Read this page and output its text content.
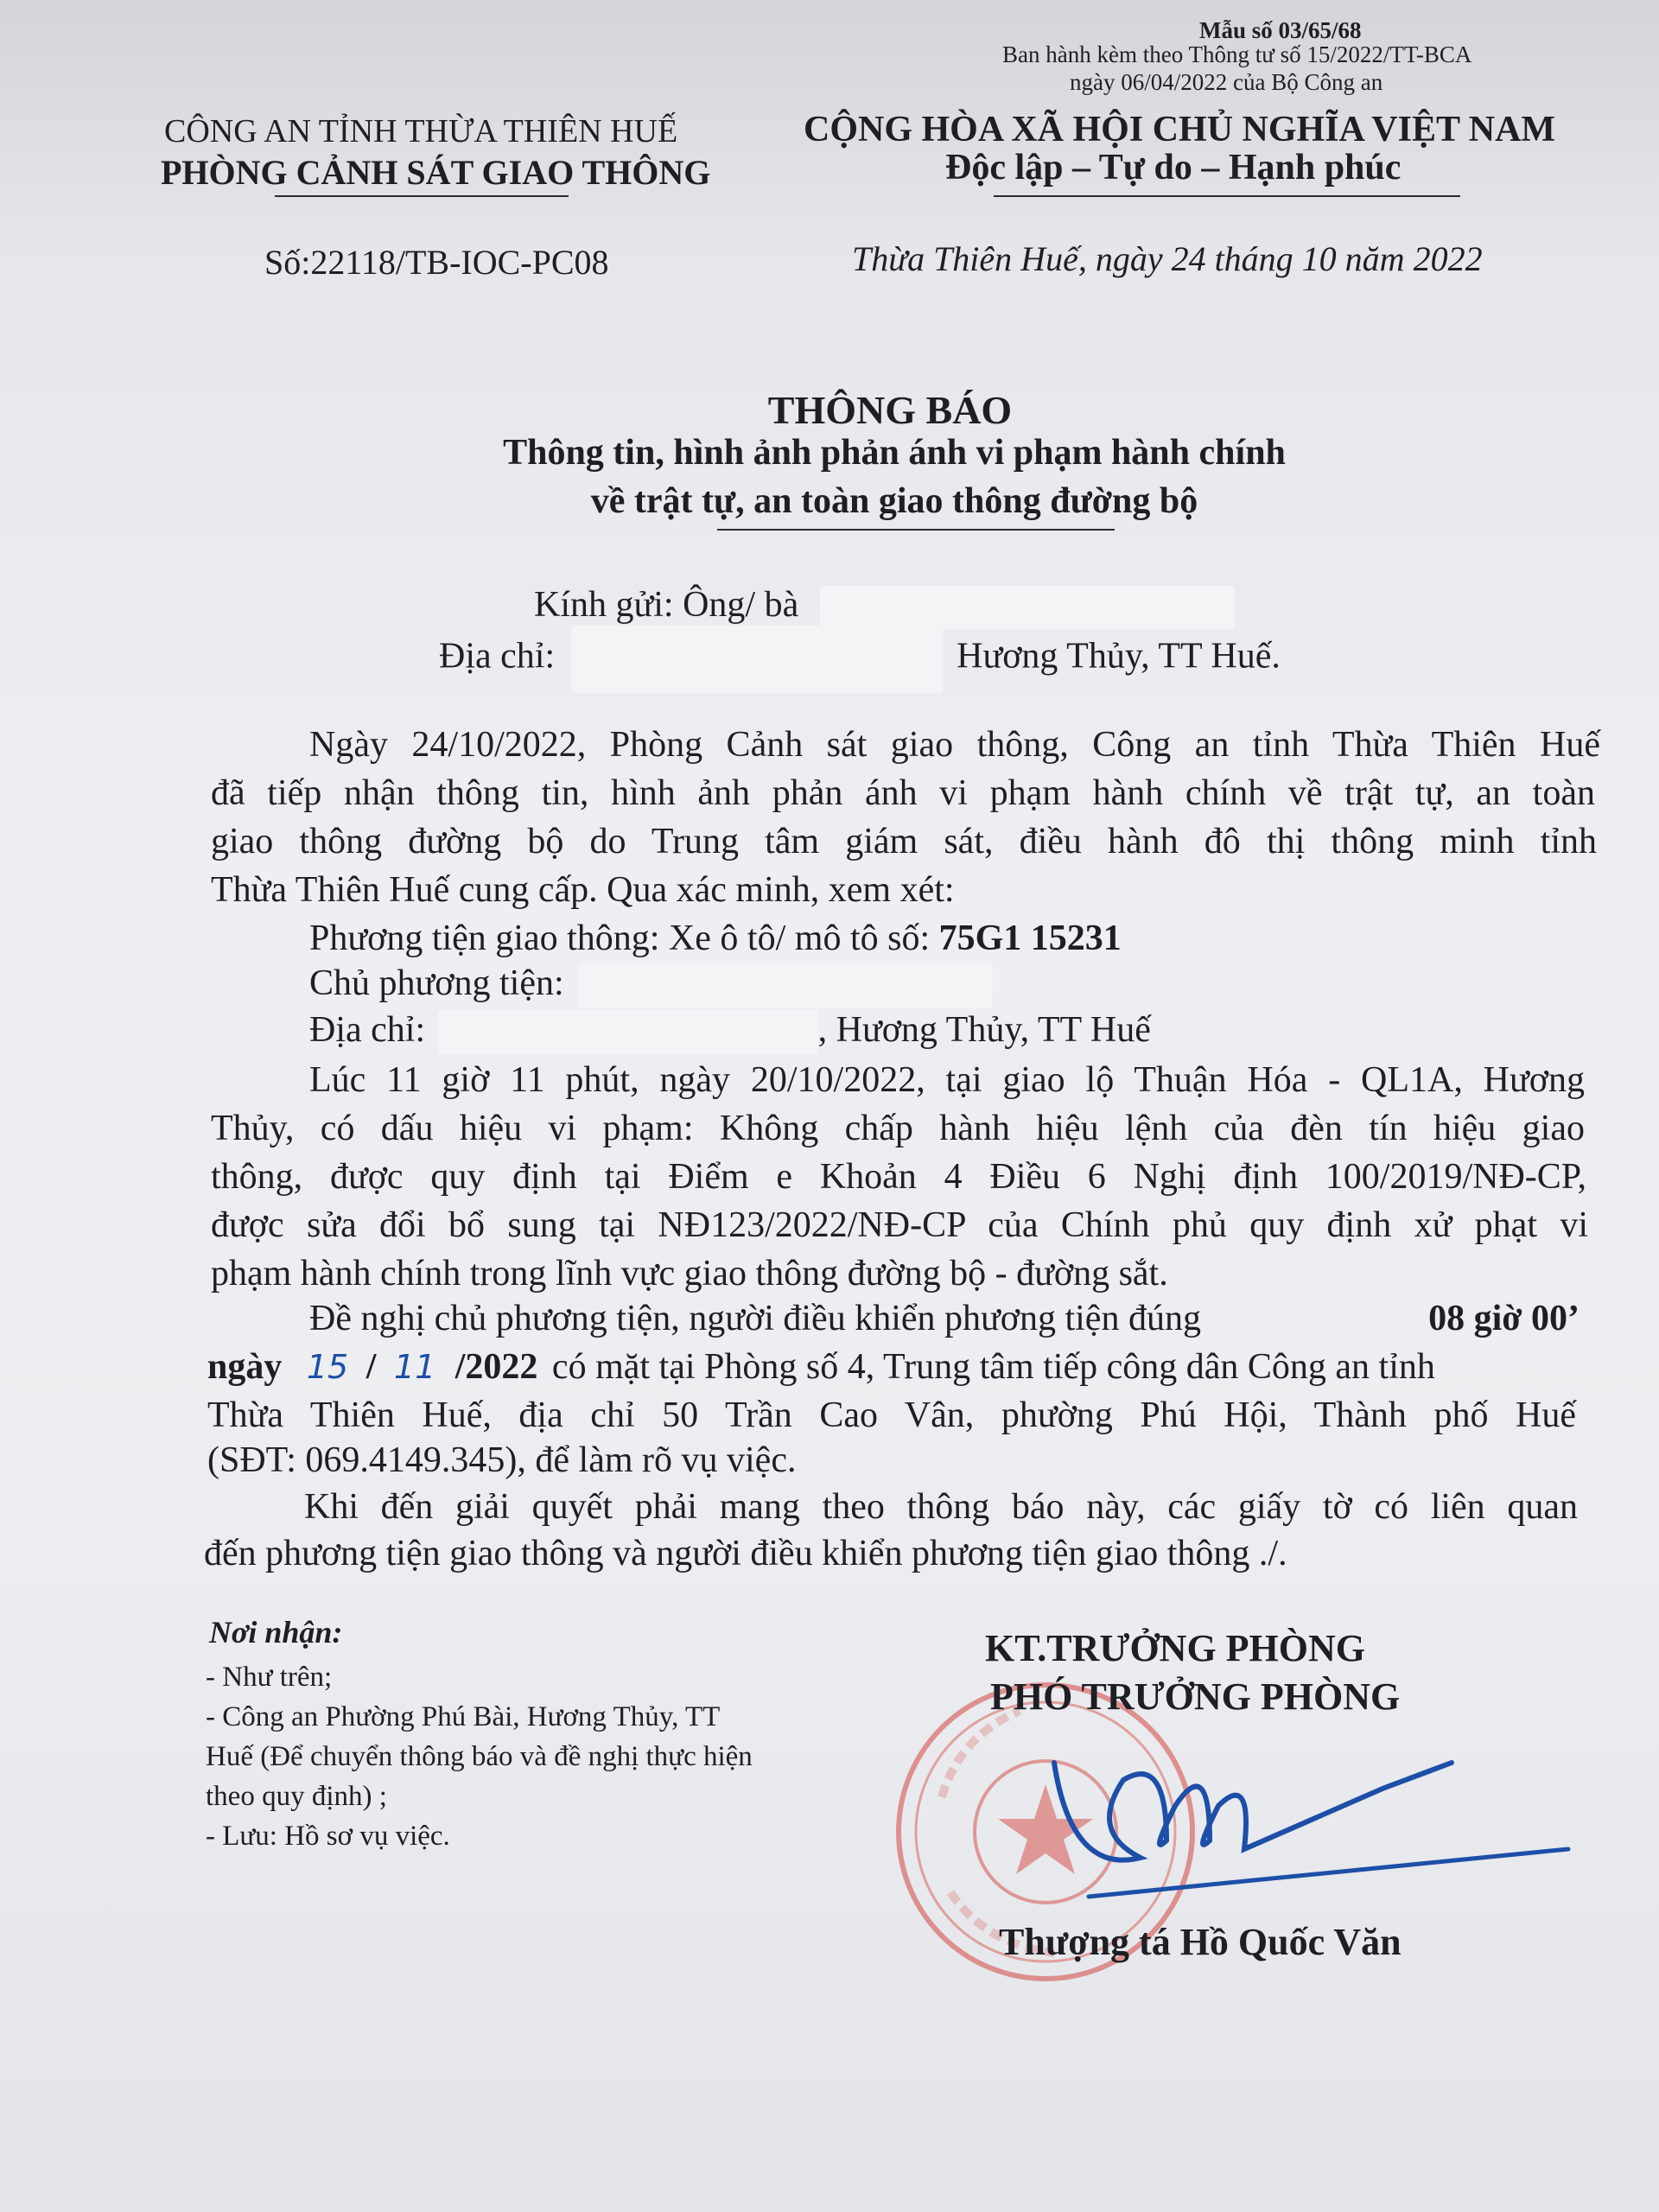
Mẫu số 03/65/68
Ban hành kèm theo Thông tư số 15/2022/TT-BCA
ngày 06/04/2022 của Bộ Công an
CÔNG AN TỈNH THỪA THIÊN HUẾ
PHÒNG CẢNH SÁT GIAO THÔNG
CỘNG HÒA XÃ HỘI CHỦ NGHĨA VIỆT NAM
Độc lập – Tự do – Hạnh phúc
Số:22118/TB-IOC-PC08	Thừa Thiên Huế, ngày 24 tháng 10 năm 2022
THÔNG BÁO
Thông tin, hình ảnh phản ánh vi phạm hành chính
về trật tự, an toàn giao thông đường bộ
Kính gửi: Ông/ bà
Địa chỉ:	Hương Thủy, TT Huế.
Ngày 24/10/2022, Phòng Cảnh sát giao thông, Công an tỉnh Thừa Thiên Huế
đã tiếp nhận thông tin, hình ảnh phản ánh vi phạm hành chính về trật tự, an toàn
giao thông đường bộ do Trung tâm giám sát, điều hành đô thị thông minh tỉnh
Thừa Thiên Huế cung cấp. Qua xác minh, xem xét:
Phương tiện giao thông: Xe ô tô/ mô tô số: 75G1 15231
Chủ phương tiện:
Địa chỉ:	, Hương Thủy, TT Huế
Lúc 11 giờ 11 phút, ngày 20/10/2022, tại giao lộ Thuận Hóa - QL1A, Hương
Thủy, có dấu hiệu vi phạm: Không chấp hành hiệu lệnh của đèn tín hiệu giao
thông, được quy định tại Điểm e Khoản 4 Điều 6 Nghị định 100/2019/NĐ-CP,
được sửa đổi bổ sung tại NĐ123/2022/NĐ-CP của Chính phủ quy định xử phạt vi
phạm hành chính trong lĩnh vực giao thông đường bộ - đường sắt.
Đề nghị chủ phương tiện, người điều khiển phương tiện đúng	08 giờ 00’
ngày 15 / 11 /2022 có mặt tại Phòng số 4, Trung tâm tiếp công dân Công an tỉnh
Thừa Thiên Huế, địa chỉ 50 Trần Cao Vân, phường Phú Hội, Thành phố Huế
(SĐT: 069.4149.345), để làm rõ vụ việc.
Khi đến giải quyết phải mang theo thông báo này, các giấy tờ có liên quan
đến phương tiện giao thông và người điều khiển phương tiện giao thông ./.
Nơi nhận:
- Như trên;
- Công an Phường Phú Bài, Hương Thủy, TT
Huế (Để chuyển thông báo và đề nghị thực hiện
theo quy định) ;
- Lưu: Hồ sơ vụ việc.
KT.TRƯỞNG PHÒNG
PHÓ TRƯỞNG PHÒNG
Thượng tá Hồ Quốc Văn
